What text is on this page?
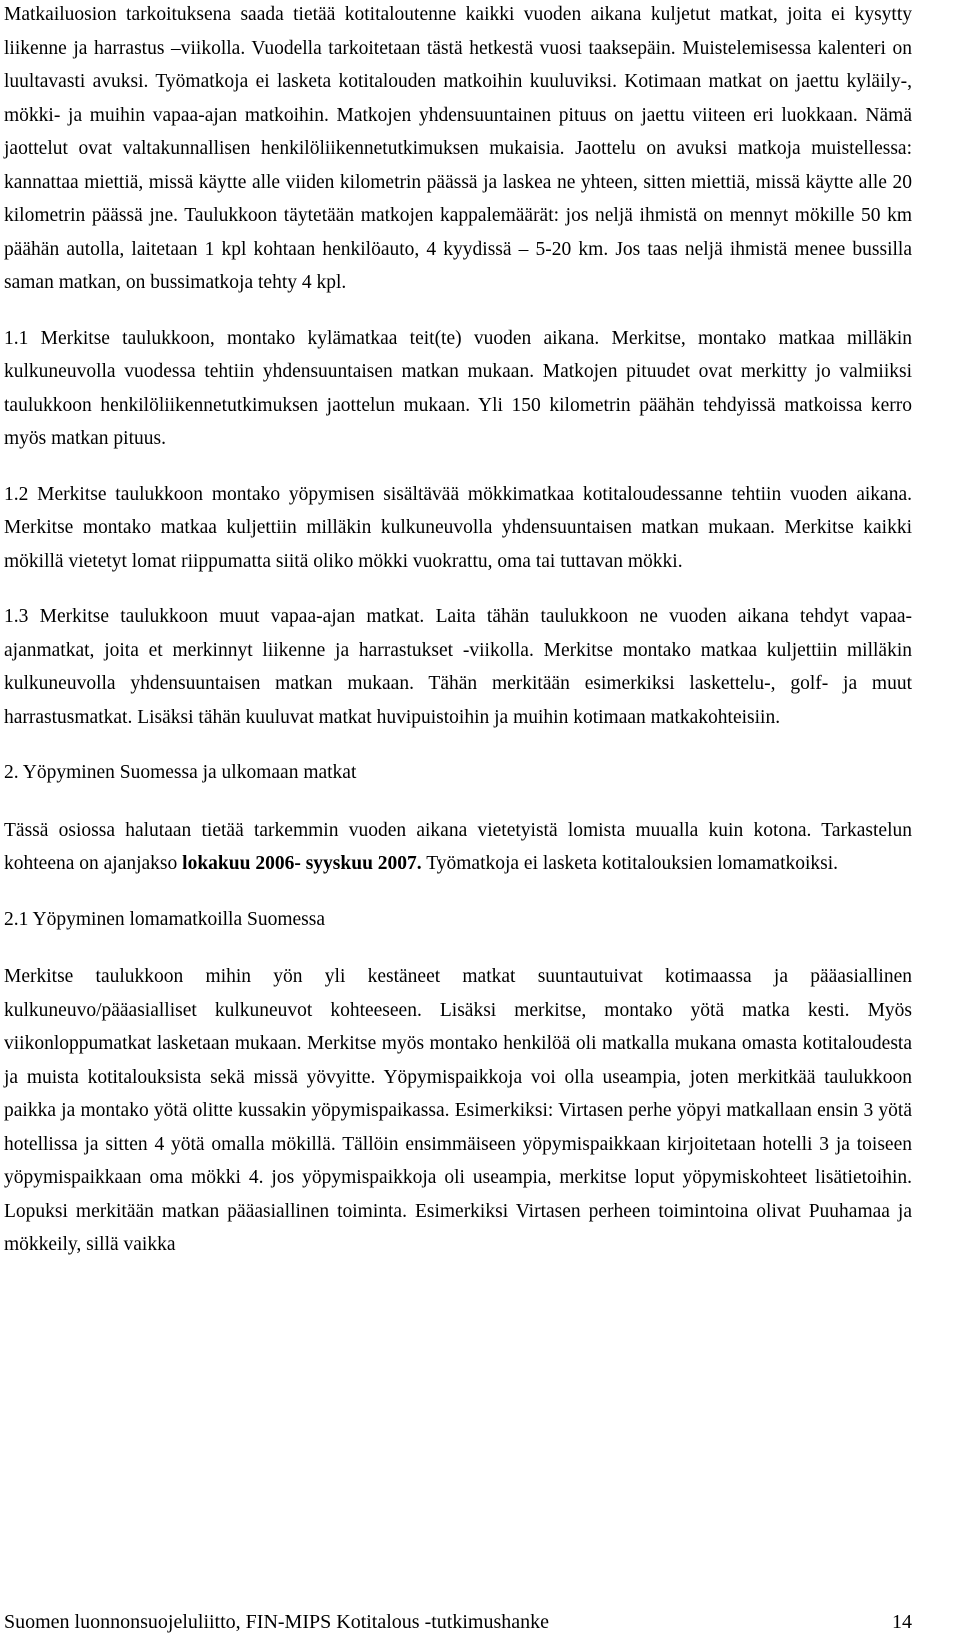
Matkailuosion tarkoituksena saada tietää kotitaloutenne kaikki vuoden aikana kuljetut matkat, joita ei kysytty liikenne ja harrastus –viikolla. Vuodella tarkoitetaan tästä hetkestä vuosi taaksepäin. Muistelemisessa kalenteri on luultavasti avuksi. Työmatkoja ei lasketa kotitalouden matkoihin kuuluviksi. Kotimaan matkat on jaettu kyläily-, mökki- ja muihin vapaa-ajan matkoihin. Matkojen yhdensuuntainen pituus on jaettu viiteen eri luokkaan. Nämä jaottelut ovat valtakunnallisen henkilöliikennetutkimuksen mukaisia. Jaottelu on avuksi matkoja muistellessa: kannattaa miettiä, missä käytte alle viiden kilometrin päässä ja laskea ne yhteen, sitten miettiä, missä käytte alle 20 kilometrin päässä jne. Taulukkoon täytetään matkojen kappalemäärät: jos neljä ihmistä on mennyt mökille 50 km päähän autolla, laitetaan 1 kpl kohtaan henkilöauto, 4 kyydissä – 5-20 km. Jos taas neljä ihmistä menee bussilla saman matkan, on bussimatkoja tehty 4 kpl.

1.1 Merkitse taulukkoon, montako kylämatkaa teit(te) vuoden aikana. Merkitse, montako matkaa milläkin kulkuneuvolla vuodessa tehtiin yhdensuuntaisen matkan mukaan. Matkojen pituudet ovat merkitty jo valmiiksi taulukkoon henkilöliikennetutkimuksen jaottelun mukaan. Yli 150 kilometrin päähän tehdyissä matkoissa kerro myös matkan pituus.

1.2 Merkitse taulukkoon montako yöpymisen sisältävää mökkimatkaa kotitaloudessanne tehtiin vuoden aikana. Merkitse montako matkaa kuljettiin milläkin kulkuneuvolla yhdensuuntaisen matkan mukaan. Merkitse kaikki mökillä vietetyt lomat riippumatta siitä oliko mökki vuokrattu, oma tai tuttavan mökki.

1.3 Merkitse taulukkoon muut vapaa-ajan matkat. Laita tähän taulukkoon ne vuoden aikana tehdyt vapaa-ajanmatkat, joita et merkinnyt liikenne ja harrastukset -viikolla. Merkitse montako matkaa kuljettiin milläkin kulkuneuvolla yhdensuuntaisen matkan mukaan. Tähän merkitään esimerkiksi laskettelu-, golf- ja muut harrastusmatkat. Lisäksi tähän kuuluvat matkat huvipuistoihin ja muihin kotimaan matkakohteisiin.

2. Yöpyminen Suomessa ja ulkomaan matkat

Tässä osiossa halutaan tietää tarkemmin vuoden aikana vietetyistä lomista muualla kuin kotona. Tarkastelun kohteena on ajanjakso lokakuu 2006- syyskuu 2007. Työmatkoja ei lasketa kotitalouksien lomamatkoiksi.

2.1 Yöpyminen lomamatkoilla Suomessa

Merkitse taulukkoon mihin yön yli kestäneet matkat suuntautuivat kotimaassa ja pääasiallinen kulkuneuvo/pääasialliset kulkuneuvot kohteeseen. Lisäksi merkitse, montako yötä matka kesti. Myös viikonloppumatkat lasketaan mukaan. Merkitse myös montako henkilöä oli matkalla mukana omasta kotitaloudesta ja muista kotitalouksista sekä missä yövyitte. Yöpymispaikkoja voi olla useampia, joten merkitkää taulukkoon paikka ja montako yötä olitte kussakin yöpymispaikassa. Esimerkiksi: Virtasen perhe yöpyi matkallaan ensin 3 yötä hotellissa ja sitten 4 yötä omalla mökillä. Tällöin ensimmäiseen yöpymispaikkaan kirjoitetaan hotelli 3 ja toiseen yöpymispaikkaan oma mökki 4. jos yöpymispaikkoja oli useampia, merkitse loput yöpymiskohteet lisätietoihin. Lopuksi merkitään matkan pääasiallinen toiminta. Esimerkiksi Virtasen perheen toimintoina olivat Puuhamaa ja mökkeily, sillä vaikka

Suomen luonnonsuojeluliitto, FIN-MIPS Kotitalous -tutkimushanke	14
